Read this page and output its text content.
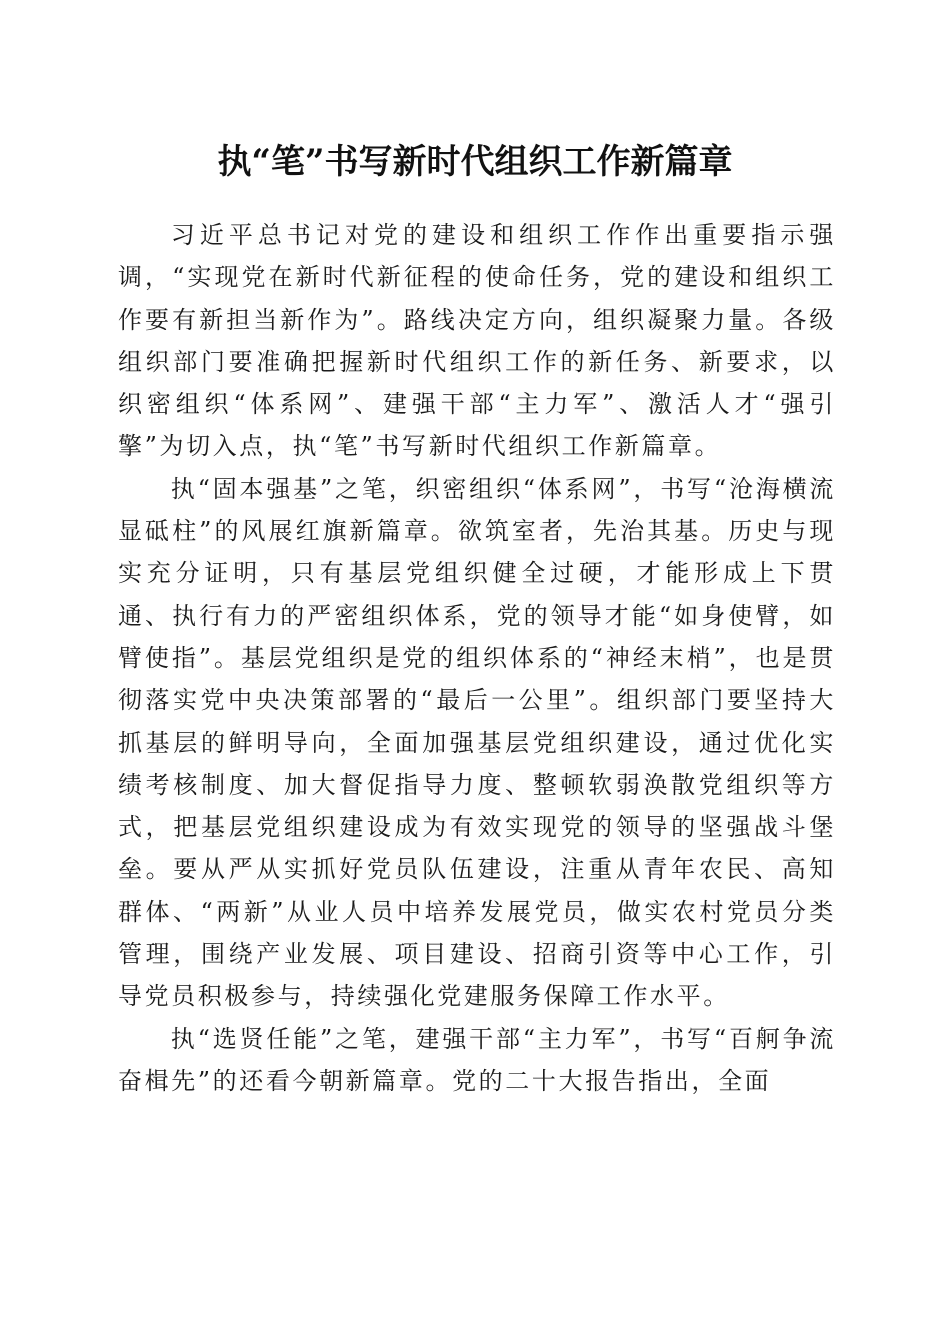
执“笔”书写新时代组织工作新篇章

习近平总书记对党的建设和组织工作作出重要指示强调，“实现党在新时代新征程的使命任务，党的建设和组织工作要有新担当新作为”。路线决定方向，组织凝聚力量。各级组织部门要准确把握新时代组织工作的新任务、新要求，以织密组织“体系网”、建强干部“主力军”、激活人才“强引擎”为切入点，执“笔”书写新时代组织工作新篇章。

执“固本强基”之笔，织密组织“体系网”，书写“沧海横流显砥柱”的风展红旗新篇章。欲筑室者，先治其基。历史与现实充分证明，只有基层党组织健全过硬，才能形成上下贯通、执行有力的严密组织体系，党的领导才能“如身使臂，如臂使指”。基层党组织是党的组织体系的“神经末梢”，也是贯彻落实党中央决策部署的“最后一公里”。组织部门要坚持大抓基层的鲜明导向，全面加强基层党组织建设，通过优化实绩考核制度、加大督促指导力度、整顿软弱涣散党组织等方式，把基层党组织建设成为有效实现党的领导的坚强战斗堡垒。要从严从实抓好党员队伍建设，注重从青年农民、高知群体、“两新”从业人员中培养发展党员，做实农村党员分类管理，围绕产业发展、项目建设、招商引资等中心工作，引导党员积极参与，持续强化党建服务保障工作水平。

执“选贤任能”之笔，建强干部“主力军”，书写“百舸争流奋楫先”的还看今朝新篇章。党的二十大报告指出，全面
